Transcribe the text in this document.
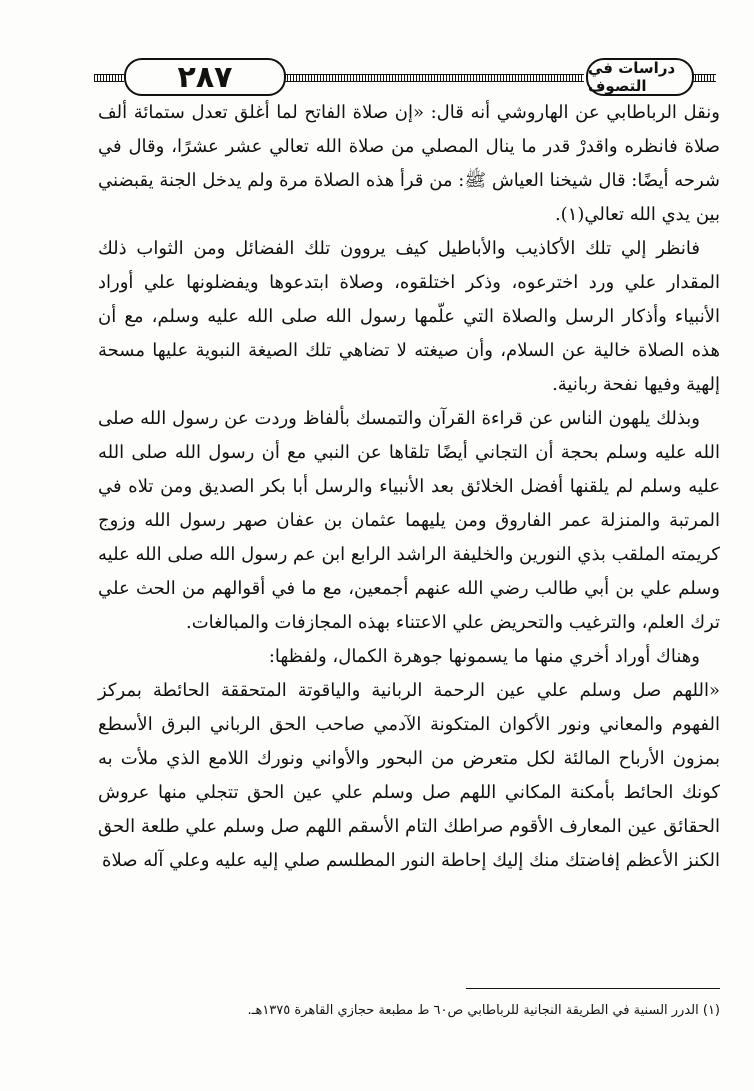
٢٨٧	دراسات في التصوف

ونقل الرباطابي عن الهاروشي أنه قال: «إن صلاة الفاتح لما أغلق تعدل ستمائة ألف صلاة فانظره واقدرْ قدر ما ينال المصلي من صلاة الله تعالي عشر عشرًا، وقال في شرحه أيضًا: قال شيخنا العياش ﷺ: من قرأ هذه الصلاة مرة ولم يدخل الجنة يقبضني بين يدي الله تعالي(١).

فانظر إلي تلك الأكاذيب والأباطيل كيف يروون تلك الفضائل ومن الثواب ذلك المقدار علي ورد اخترعوه، وذكر اختلقوه، وصلاة ابتدعوها ويفضلونها علي أوراد الأنبياء وأذكار الرسل والصلاة التي علّمها رسول الله صلى الله عليه وسلم، مع أن هذه الصلاة خالية عن السلام، وأن صيغته لا تضاهي تلك الصيغة النبوية عليها مسحة إلهية وفيها نفحة ربانية.

وبذلك يلهون الناس عن قراءة القرآن والتمسك بألفاظ وردت عن رسول الله صلى الله عليه وسلم بحجة أن التجاني أيضًا تلقاها عن النبي مع أن رسول الله صلى الله عليه وسلم لم يلقنها أفضل الخلائق بعد الأنبياء والرسل أبا بكر الصديق ومن تلاه في المرتبة والمنزلة عمر الفاروق ومن يليهما عثمان بن عفان صهر رسول الله وزوج كريمته الملقب بذي النورين والخليفة الراشد الرابع ابن عم رسول الله صلى الله عليه وسلم علي بن أبي طالب رضي الله عنهم أجمعين، مع ما في أقوالهم من الحث علي ترك العلم، والترغيب والتحريض علي الاعتناء بهذه المجازفات والمبالغات.

وهناك أوراد أخري منها ما يسمونها جوهرة الكمال، ولفظها:

«اللهم صل وسلم علي عين الرحمة الربانية والياقوتة المتحققة الحائطة بمركز الفهوم والمعاني ونور الأكوان المتكونة الآدمي صاحب الحق الرباني البرق الأسطع بمزون الأرباح المالئة لكل متعرض من البحور والأواني ونورك اللامع الذي ملأت به كونك الحائط بأمكنة المكاني اللهم صل وسلم علي عين الحق تتجلي منها عروش الحقائق عين المعارف الأقوم صراطك التام الأسقم اللهم صل وسلم علي طلعة الحق الكنز الأعظم إفاضتك منك إليك إحاطة النور المطلسم صلي إليه عليه وعلي آله صلاة

(١) الدرر السنية في الطريقة النجانية للرباطابي ص٦٠ ط مطبعة حجازي القاهرة ١٣٧٥هـ.
